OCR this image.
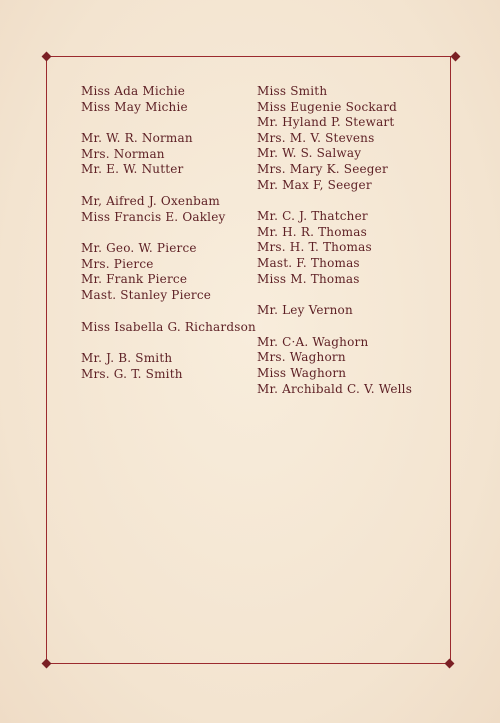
Miss Ada Michie
Miss May Michie
Mr. W. R. Norman
Mrs. Norman
Mr. E. W. Nutter
Mr, Aifred J. Oxenbam
Miss Francis E. Oakley
Mr. Geo. W. Pierce
Mrs. Pierce
Mr. Frank Pierce
Mast. Stanley Pierce
Miss Isabella G. Richardson
Mr. J. B. Smith
Mrs. G. T. Smith
Miss Smith
Miss Eugenie Sockard
Mr. Hyland P. Stewart
Mrs. M. V. Stevens
Mr. W. S. Salway
Mrs. Mary K. Seeger
Mr. Max F, Seeger
Mr. C. J. Thatcher
Mr. H. R. Thomas
Mrs. H. T. Thomas
Mast. F. Thomas
Miss M. Thomas
Mr. Ley Vernon
Mr. C·A. Waghorn
Mrs. Waghorn
Miss Waghorn
Mr. Archibald C. V. Wells
